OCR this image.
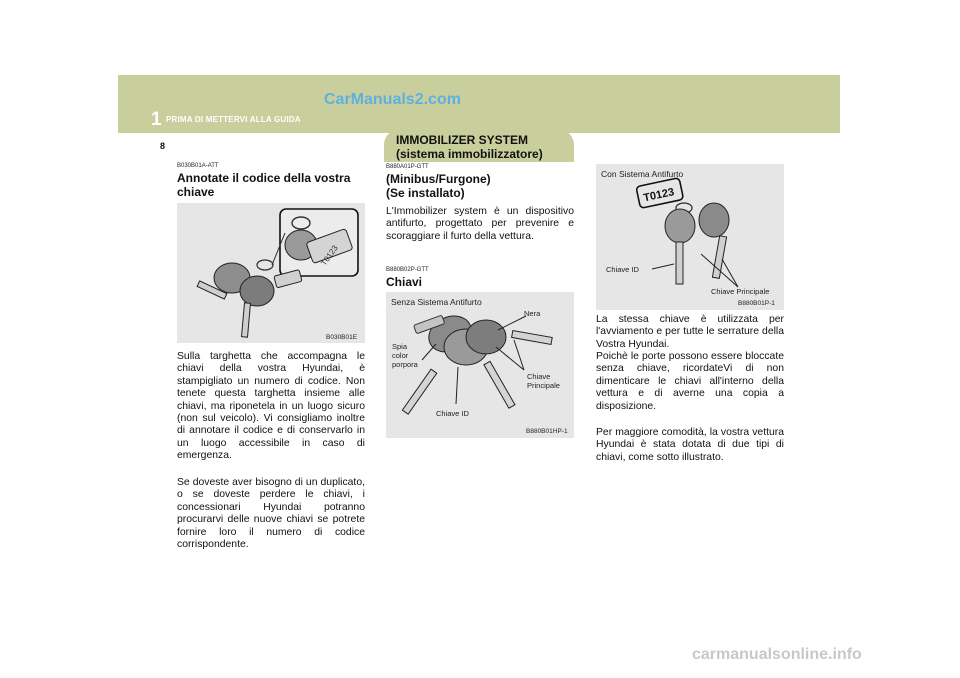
1 PRIMA DI METTERVI ALLA GUIDA
CarManuals2.com
8	IMMOBILIZER SYSTEM
(sistema immobilizzatore)
B030B01A-ATT
Annotate il codice della vostra
chiave
T0123
B030B01E
Sulla targhetta che accompagna le chiavi della vostra Hyundai, è stampigliato un numero di codice. Non tenete questa targhetta insieme alle chiavi, ma riponetela in un luogo sicuro (non sul veicolo). Vi consigliamo inoltre di annotare il codice e di conservarlo in un luogo accessibile in caso di emergenza.
Se doveste aver bisogno di un duplicato, o se doveste perdere le chiavi, i concessionari Hyundai potranno procurarvi delle nuove chiavi se potrete fornire loro il numero di codice corrispondente.
B880A01P-GTT
(Minibus/Furgone)
(Se installato)
L'Immobilizer system è un dispositivo antifurto, progettato per prevenire e scoraggiare il furto della vettura.
B880B02P-GTT
Chiavi
Senza Sistema Antifurto
Nera
Spia
color
porpora
Chiave
Principale
Chiave ID
B880B01HP-1
T0123
Con Sistema Antifurto
Chiave ID
Chiave Principale
B880B01P-1
La stessa chiave è utilizzata per l'avviamento e per tutte le serrature della Vostra Hyundai.
Poichè le porte possono essere bloccate senza chiave, ricordateVi di non dimenticare le chiavi all'interno della vettura e di averne una copia a disposizione.
Per maggiore comodità, la vostra vettura Hyundai è stata dotata di due tipi di chiavi, come sotto illustrato.
carmanualsonline.info
